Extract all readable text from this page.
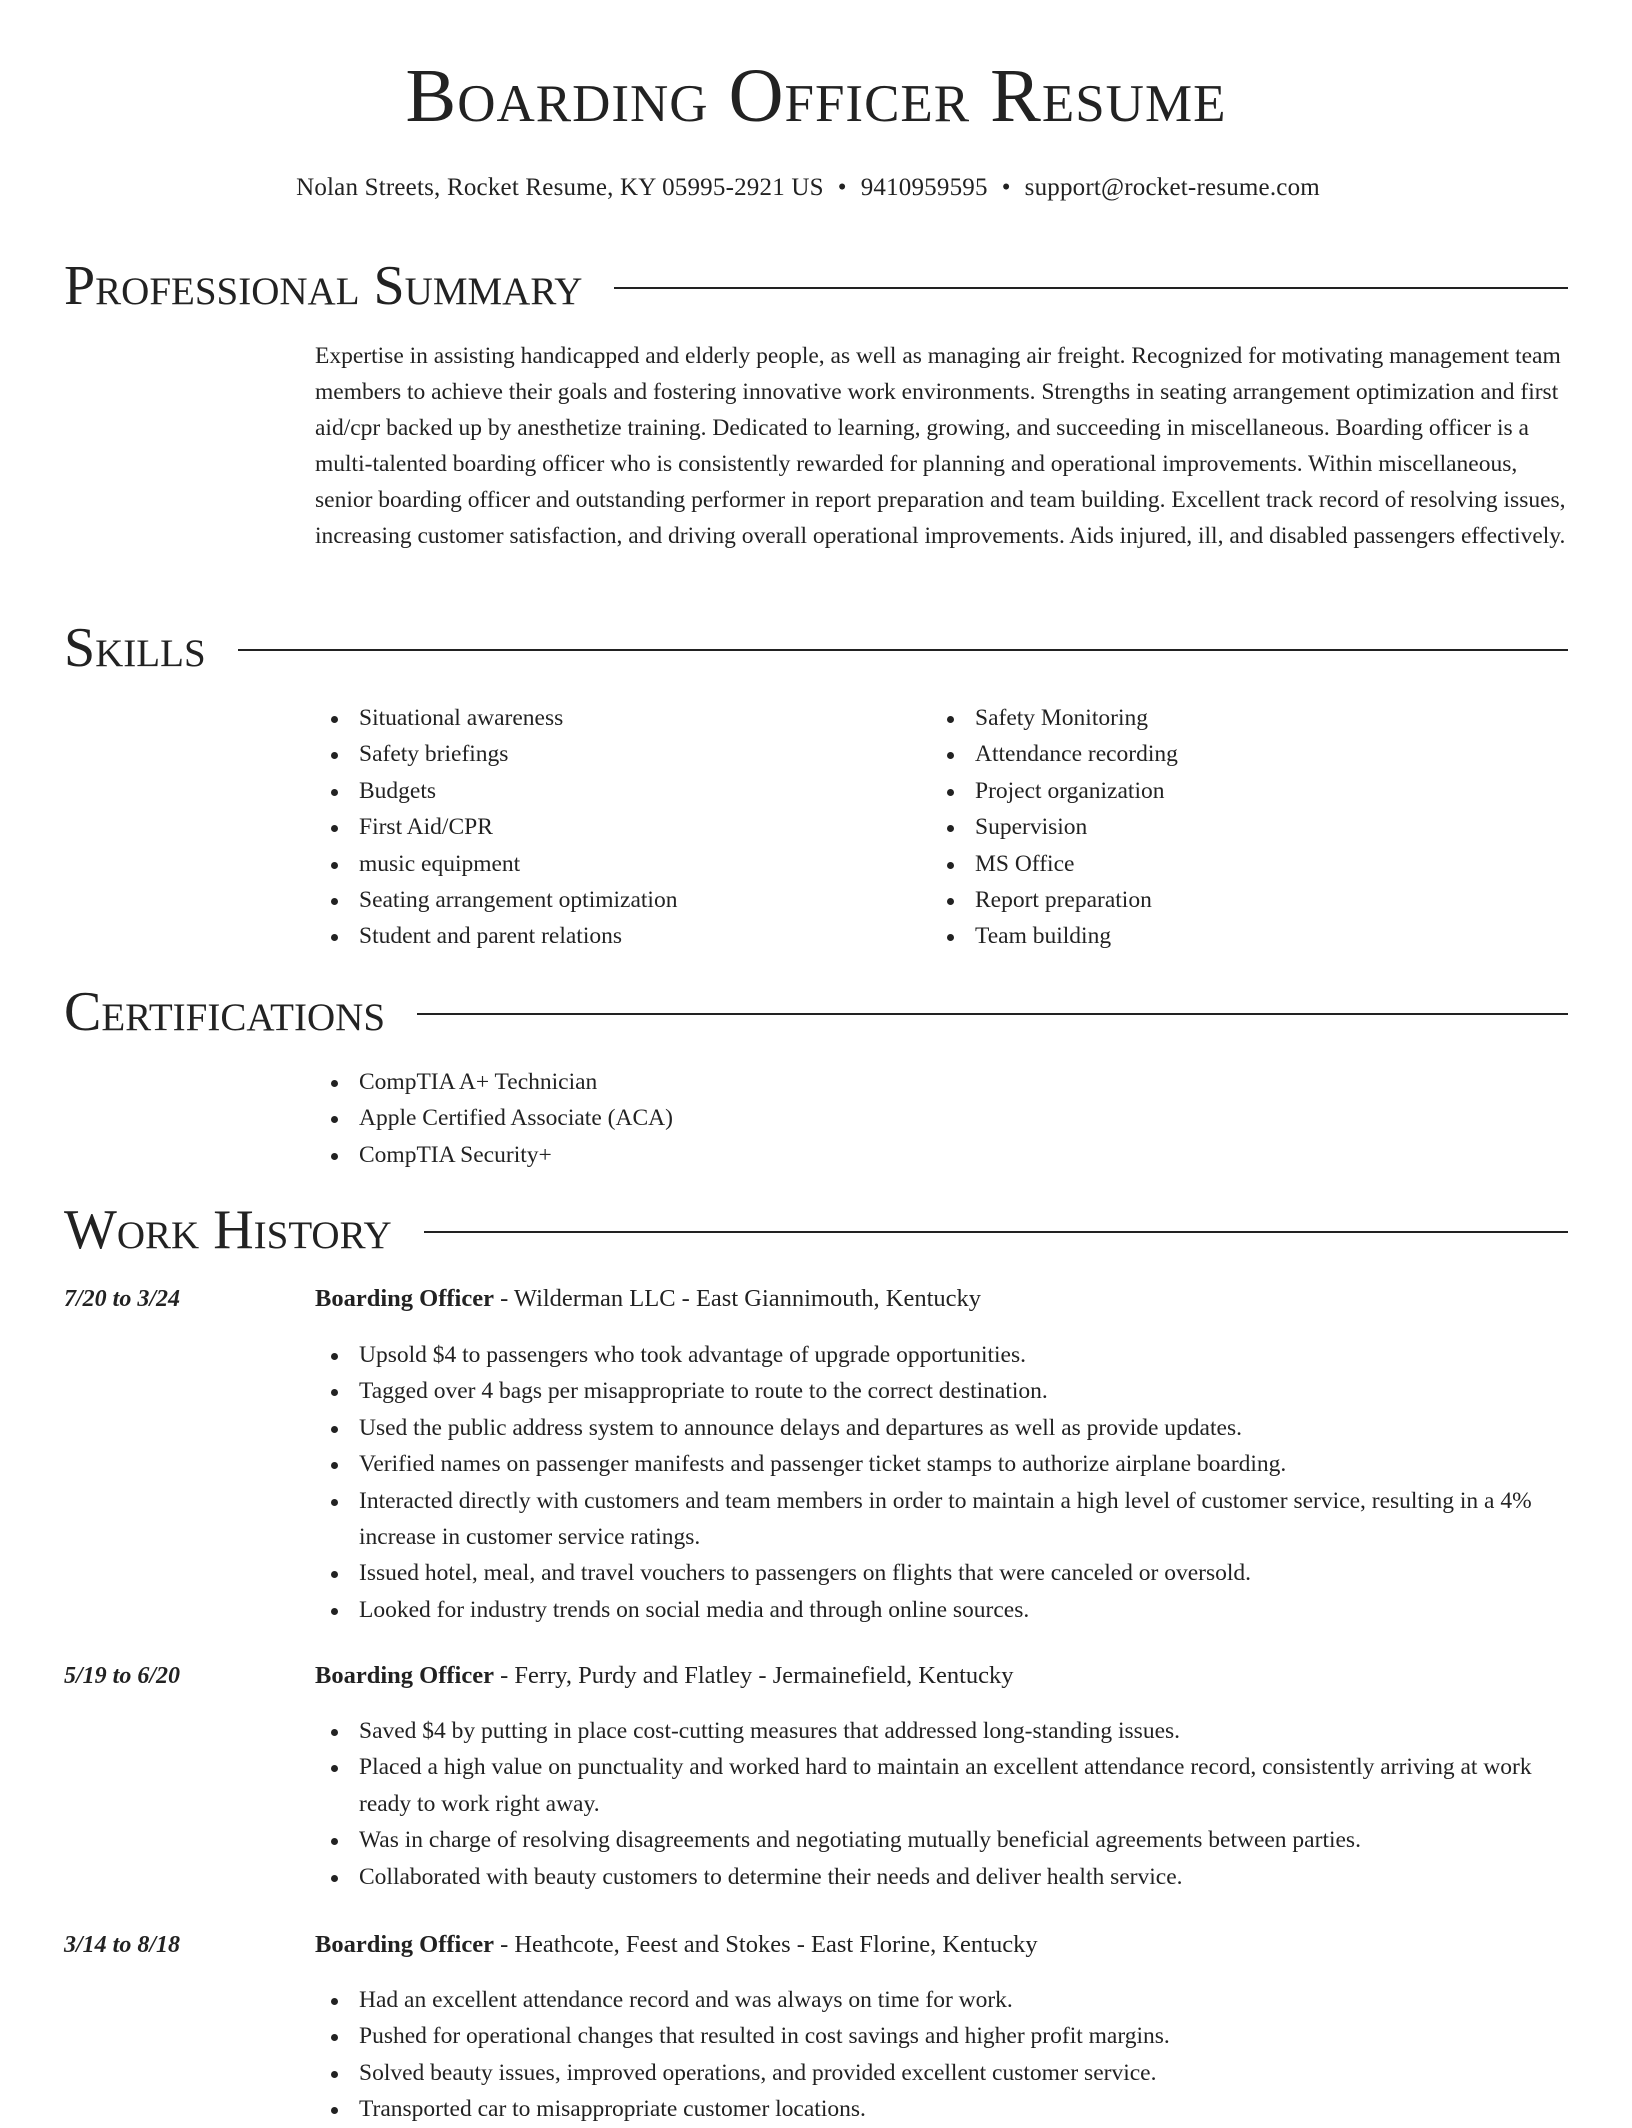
Boarding Officer Resume
Nolan Streets, Rocket Resume, KY 05995-2921 US • 9410959595 • support@rocket-resume.com
Professional Summary

Expertise in assisting handicapped and elderly people, as well as managing air freight. Recognized for motivating management team members to achieve their goals and fostering innovative work environments. Strengths in seating arrangement optimization and first aid/cpr backed up by anesthetize training. Dedicated to learning, growing, and succeeding in miscellaneous. Boarding officer is a multi-talented boarding officer who is consistently rewarded for planning and operational improvements. Within miscellaneous, senior boarding officer and outstanding performer in report preparation and team building. Excellent track record of resolving issues, increasing customer satisfaction, and driving overall operational improvements. Aids injured, ill, and disabled passengers effectively.

Skills
Situational awareness
Safety briefings
Budgets
First Aid/CPR
music equipment
Seating arrangement optimization
Student and parent relations
Safety Monitoring
Attendance recording
Project organization
Supervision
MS Office
Report preparation
Team building
Certifications
CompTIA A+ Technician
Apple Certified Associate (ACA)
CompTIA Security+
Work History
7/20 to 3/24	Boarding Officer - Wilderman LLC - East Giannimouth, Kentucky
Upsold $4 to passengers who took advantage of upgrade opportunities.
Tagged over 4 bags per misappropriate to route to the correct destination.
Used the public address system to announce delays and departures as well as provide updates.
Verified names on passenger manifests and passenger ticket stamps to authorize airplane boarding.
Interacted directly with customers and team members in order to maintain a high level of customer service, resulting in a 4% increase in customer service ratings.
Issued hotel, meal, and travel vouchers to passengers on flights that were canceled or oversold.
Looked for industry trends on social media and through online sources.
5/19 to 6/20	Boarding Officer - Ferry, Purdy and Flatley - Jermainefield, Kentucky
Saved $4 by putting in place cost-cutting measures that addressed long-standing issues.
Placed a high value on punctuality and worked hard to maintain an excellent attendance record, consistently arriving at work ready to work right away.
Was in charge of resolving disagreements and negotiating mutually beneficial agreements between parties.
Collaborated with beauty customers to determine their needs and deliver health service.
3/14 to 8/18	Boarding Officer - Heathcote, Feest and Stokes - East Florine, Kentucky
Had an excellent attendance record and was always on time for work.
Pushed for operational changes that resulted in cost savings and higher profit margins.
Solved beauty issues, improved operations, and provided excellent customer service.
Transported car to misappropriate customer locations.
